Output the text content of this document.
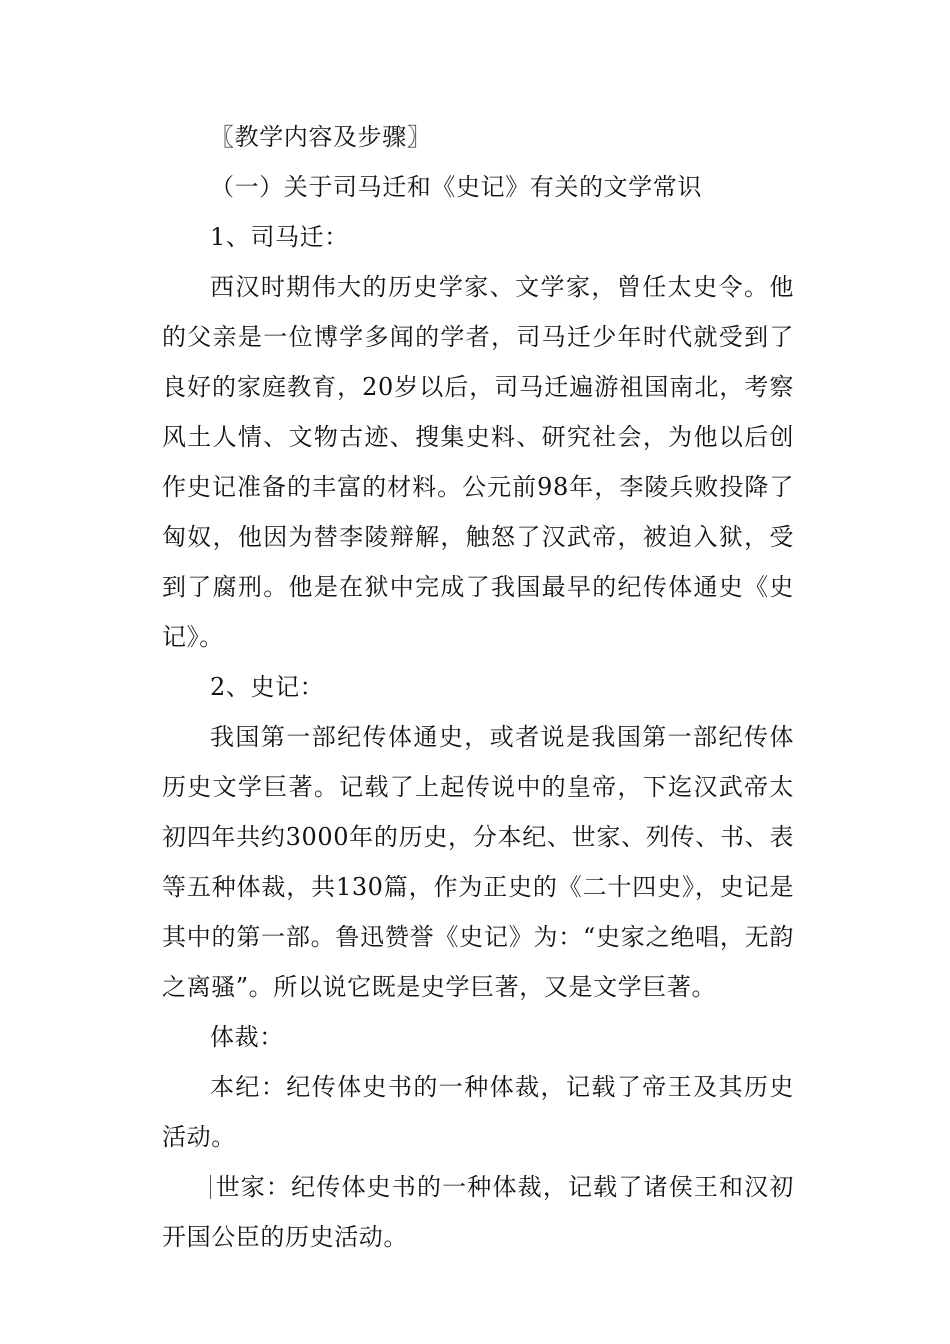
〖教学内容及步骤〗

（一）关于司马迁和《史记》有关的文学常识

1、司马迁：

西汉时期伟大的历史学家、文学家，曾任太史令。他的父亲是一位博学多闻的学者，司马迁少年时代就受到了良好的家庭教育，20岁以后，司马迁遍游祖国南北，考察风土人情、文物古迹、搜集史料、研究社会，为他以后创作史记准备的丰富的材料。公元前98年，李陵兵败投降了匈奴，他因为替李陵辩解，触怒了汉武帝，被迫入狱，受到了腐刑。他是在狱中完成了我国最早的纪传体通史《史记》。

2、史记：

我国第一部纪传体通史，或者说是我国第一部纪传体历史文学巨著。记载了上起传说中的皇帝，下迄汉武帝太初四年共约3000年的历史，分本纪、世家、列传、书、表等五种体裁，共130篇，作为正史的《二十四史》，史记是其中的第一部。鲁迅赞誉《史记》为：“史家之绝唱，无韵之离骚”。所以说它既是史学巨著，又是文学巨著。

体裁：

本纪：纪传体史书的一种体裁，记载了帝王及其历史活动。

世家：纪传体史书的一种体裁，记载了诸侯王和汉初开国公臣的历史活动。
